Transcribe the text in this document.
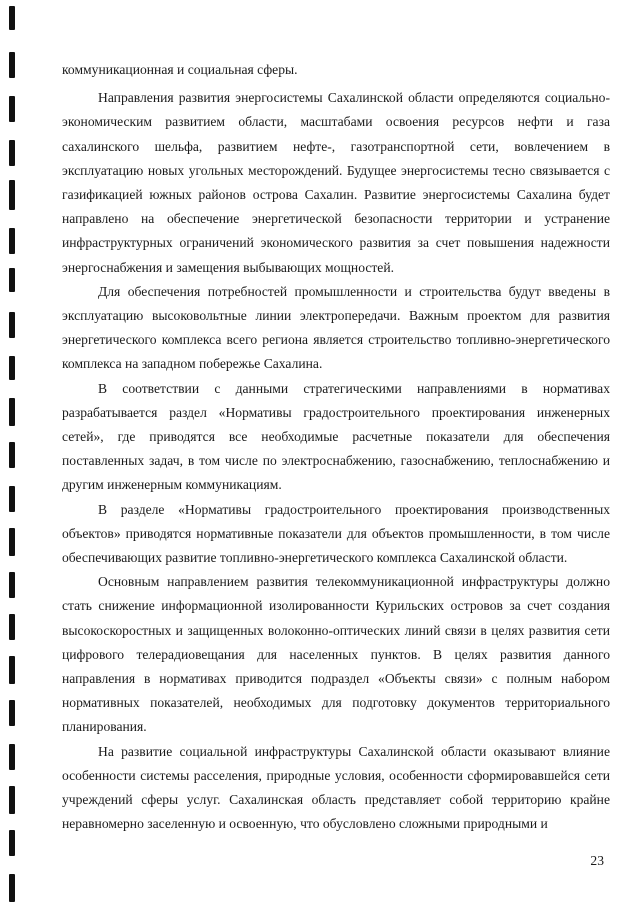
коммуникационная и социальная сферы.

Направления развития энергосистемы Сахалинской области определяются социально-экономическим развитием области, масштабами освоения ресурсов нефти и газа сахалинского шельфа, развитием нефте-, газотранспортной сети, вовлечением в эксплуатацию новых угольных месторождений. Будущее энергосистемы тесно связывается с газификацией южных районов острова Сахалин. Развитие энергосистемы Сахалина будет направлено на обеспечение энергетической безопасности территории и устранение инфраструктурных ограничений экономического развития за счет повышения надежности энергоснабжения и замещения выбывающих мощностей.

Для обеспечения потребностей промышленности и строительства будут введены в эксплуатацию высоковольтные линии электропередачи. Важным проектом для развития энергетического комплекса всего региона является строительство топливно-энергетического комплекса на западном побережье Сахалина.

В соответствии с данными стратегическими направлениями в нормативах разрабатывается раздел «Нормативы градостроительного проектирования инженерных сетей», где приводятся все необходимые расчетные показатели для обеспечения поставленных задач, в том числе по электроснабжению, газоснабжению, теплоснабжению и другим инженерным коммуникациям.

В разделе «Нормативы градостроительного проектирования производственных объектов» приводятся нормативные показатели для объектов промышленности, в том числе обеспечивающих развитие топливно-энергетического комплекса Сахалинской области.

Основным направлением развития телекоммуникационной инфраструктуры должно стать снижение информационной изолированности Курильских островов за счет создания высокоскоростных и защищенных волоконно-оптических линий связи в целях развития сети цифрового телерадиовещания для населенных пунктов. В целях развития данного направления в нормативах приводится подраздел «Объекты связи» с полным набором нормативных показателей, необходимых для подготовку документов территориального планирования.

На развитие социальной инфраструктуры Сахалинской области оказывают влияние особенности системы расселения, природные условия, особенности сформировавшейся сети учреждений сферы услуг. Сахалинская область представляет собой территорию крайне неравномерно заселенную и освоенную, что обусловлено сложными природными и

23
